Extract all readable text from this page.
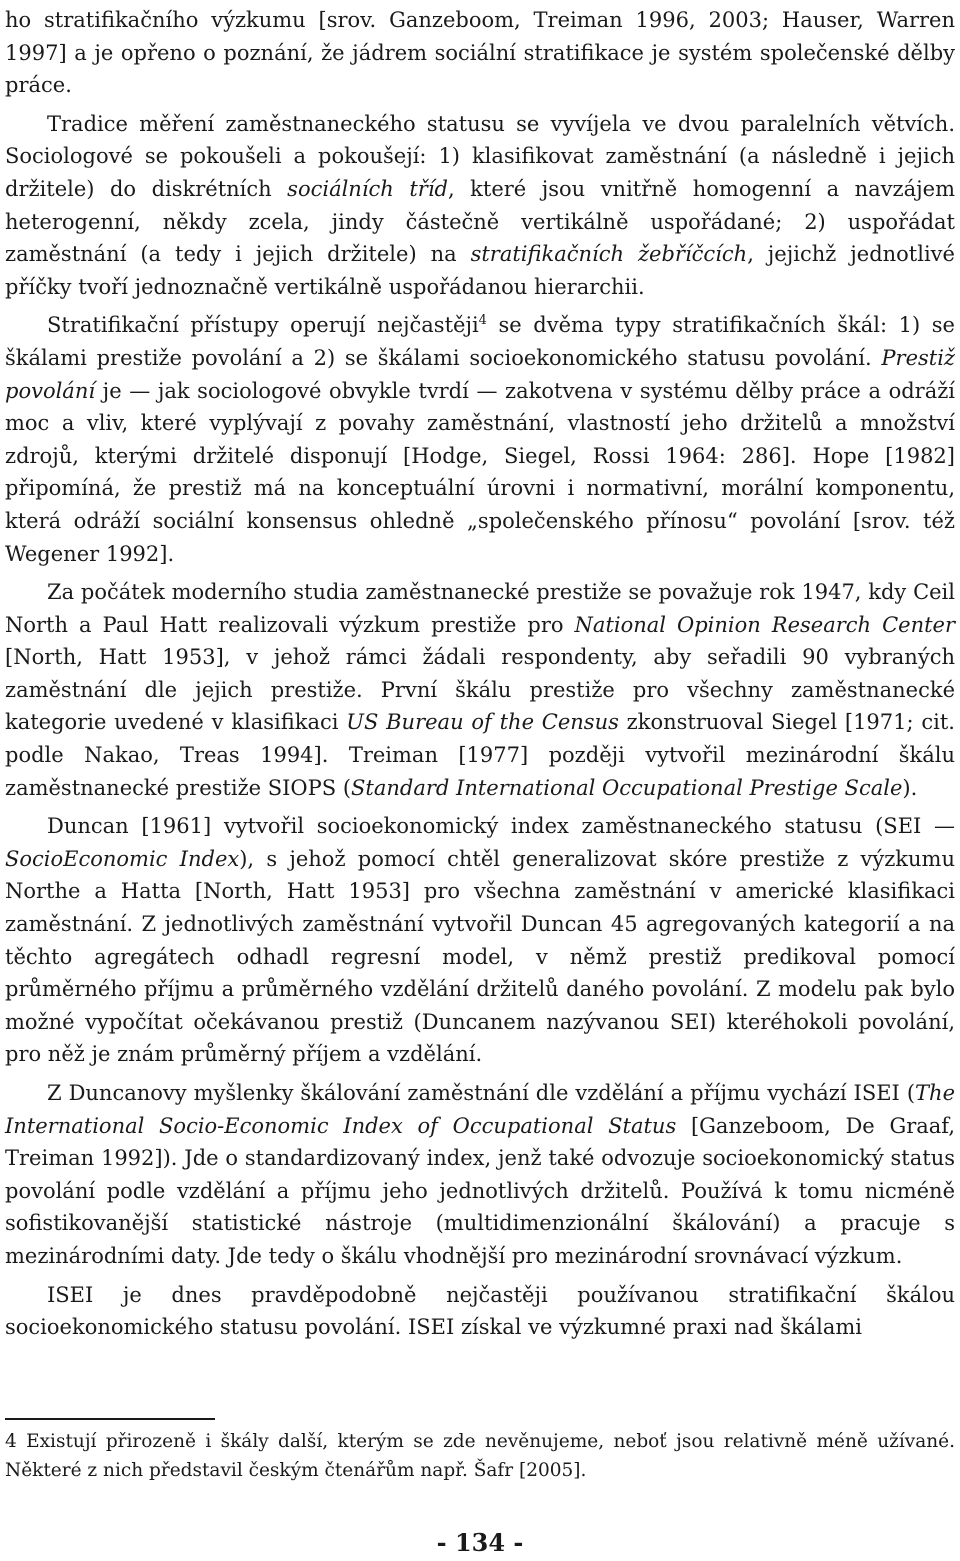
ho stratifikačního výzkumu [srov. Ganzeboom, Treiman 1996, 2003; Hauser, Warren 1997] a je opřeno o poznání, že jádrem sociální stratifikace je systém společenské dělby práce.

Tradice měření zaměstnaneckého statusu se vyvíjela ve dvou paralelních větvích. Sociologové se pokoušeli a pokoušejí: 1) klasifikovat zaměstnání (a následně i jejich držitele) do diskrétních sociálních tříd, které jsou vnitřně homogenní a navzájem heterogenní, někdy zcela, jindy částečně vertikálně uspořádané; 2) uspořádat zaměstnání (a tedy i jejich držitele) na stratifikačních žebříčcích, jejichž jednotlivé příčky tvoří jednoznačně vertikálně uspořádanou hierarchii.

Stratifikační přístupy operují nejčastěji$^4$ se dvěma typy stratifikačních škál: 1) se škálami prestiže povolání a 2) se škálami socioekonomického statusu povolání. Prestiž povolání je — jak sociologové obvykle tvrdí — zakotvena v systému dělby práce a odráží moc a vliv, které vyplývají z povahy zaměstnání, vlastností jeho držitelů a množství zdrojů, kterými držitelé disponují [Hodge, Siegel, Rossi 1964: 286]. Hope [1982] připomíná, že prestiž má na konceptuální úrovni i normativní, morální komponentu, která odráží sociální konsensus ohledně „společenského přínosu“ povolání [srov. též Wegener 1992].

Za počátek moderního studia zaměstnanecké prestiže se považuje rok 1947, kdy Ceil North a Paul Hatt realizovali výzkum prestiže pro National Opinion Research Center [North, Hatt 1953], v jehož rámci žádali respondenty, aby seřadili 90 vybraných zaměstnání dle jejich prestiže. První škálu prestiže pro všechny zaměstnanecké kategorie uvedené v klasifikaci US Bureau of the Census zkonstruoval Siegel [1971; cit. podle Nakao, Treas 1994]. Treiman [1977] později vytvořil mezinárodní škálu zaměstnanecké prestiže SIOPS (Standard International Occupational Prestige Scale).

Duncan [1961] vytvořil socioekonomický index zaměstnaneckého statusu (SEI — SocioEconomic Index), s jehož pomocí chtěl generalizovat skóre prestiže z výzkumu Northe a Hatta [North, Hatt 1953] pro všechna zaměstnání v americké klasifikaci zaměstnání. Z jednotlivých zaměstnání vytvořil Duncan 45 agregovaných kategorií a na těchto agregátech odhadl regresní model, v němž prestiž predikoval pomocí průměrného příjmu a průměrného vzdělání držitelů daného povolání. Z modelu pak bylo možné vypočítat očekávanou prestiž (Duncanem nazývanou SEI) kteréhokoli povolání, pro něž je znám průměrný příjem a vzdělání.

Z Duncanovy myšlenky škálování zaměstnání dle vzdělání a příjmu vychází ISEI (The International Socio-Economic Index of Occupational Status [Ganzeboom, De Graaf, Treiman 1992]). Jde o standardizovaný index, jenž také odvozuje socioekonomický status povolání podle vzdělání a příjmu jeho jednotlivých držitelů. Používá k tomu nicméně sofistikovanější statistické nástroje (multidimenzionální škálování) a pracuje s mezinárodními daty. Jde tedy o škálu vhodnější pro mezinárodní srovnávací výzkum.

ISEI je dnes pravděpodobně nejčastěji používanou stratifikační škálou socioekonomického statusu povolání. ISEI získal ve výzkumné praxi nad škálami

4 Existují přirozeně i škály další, kterým se zde nevěnujeme, neboť jsou relativně méně užívané. Některé z nich představil českým čtenářům např. Šafr [2005].
- 134 -
